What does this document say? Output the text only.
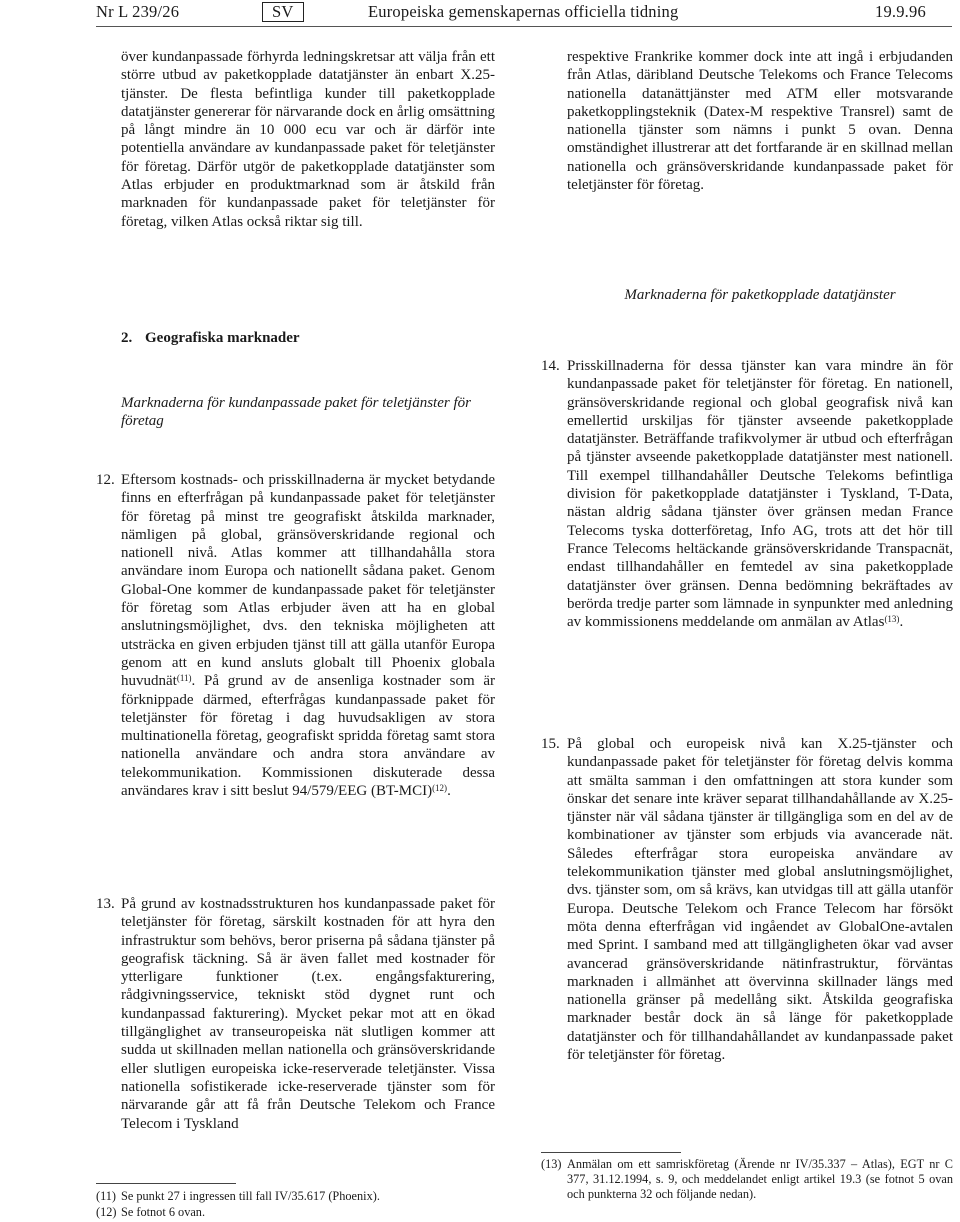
Nr L 239/26	SV	Europeiska gemenskapernas officiella tidning	19.9.96
över kundanpassade förhyrda ledningskretsar att välja från ett större utbud av paketkopplade datatjänster än enbart X.25-tjänster. De flesta befintliga kunder till paketkopplade datatjänster genererar för närvarande dock en årlig omsättning på långt mindre än 10 000 ecu var och är därför inte potentiella användare av kundanpassade paket för teletjänster för företag. Därför utgör de paketkopplade datatjänster som Atlas erbjuder en produktmarknad som är åtskild från marknaden för kundanpassade paket för teletjänster för företag, vilken Atlas också riktar sig till.
2. Geografiska marknader
Marknaderna för kundanpassade paket för teletjänster för företag
12. Eftersom kostnads- och prisskillnaderna är mycket betydande finns en efterfrågan på kundanpassade paket för teletjänster för företag på minst tre geografiskt åtskilda marknader, nämligen på global, gränsöverskridande regional och nationell nivå. Atlas kommer att tillhandahålla stora användare inom Europa och nationellt sådana paket. Genom Global-One kommer de kundanpassade paket för teletjänster för företag som Atlas erbjuder även att ha en global anslutningsmöjlighet, dvs. den tekniska möjligheten att utsträcka en given erbjuden tjänst till att gälla utanför Europa genom att en kund ansluts globalt till Phoenix globala huvudnät$^{(11)}$. På grund av de ansenliga kostnader som är förknippade därmed, efterfrågas kundanpassade paket för teletjänster för företag i dag huvudsakligen av stora multinationella företag, geografiskt spridda företag samt stora nationella användare och andra stora användare av telekommunikation. Kommissionen diskuterade dessa användares krav i sitt beslut 94/579/EEG $(BT-MCI)^{(12)}$.
13. På grund av kostnadsstrukturen hos kundanpassade paket för teletjänster för företag, särskilt kostnaden för att hyra den infrastruktur som behövs, beror priserna på sådana tjänster på geografisk täckning. Så är även fallet med kostnader för ytterligare funktioner (t.ex. engångsfakturering, rådgivningsservice, tekniskt stöd dygnet runt och kundanpassad fakturering). Mycket pekar mot att en ökad tillgänglighet av transeuropeiska nät slutligen kommer att sudda ut skillnaden mellan nationella och gränsöverskridande eller slutligen europeiska icke-reserverade teletjänster. Vissa nationella sofistikerade icke-reserverade tjänster som för närvarande går att få från Deutsche Telekom och France Telecom i Tyskland
(11) Se punkt 27 i ingressen till fall IV/35.617 (Phoenix).
(12) Se fotnot 6 ovan.
respektive Frankrike kommer dock inte att ingå i erbjudanden från Atlas, däribland Deutsche Telekoms och France Telecoms nationella datanättjänster med ATM eller motsvarande paketkopplingsteknik (Datex-M respektive Transrel) samt de nationella tjänster som nämns i punkt 5 ovan. Denna omständighet illustrerar att det fortfarande är en skillnad mellan nationella och gränsöverskridande kundanpassade paket för teletjänster för företag.
Marknaderna för paketkopplade datatjänster
14. Prisskillnaderna för dessa tjänster kan vara mindre än för kundanpassade paket för teletjänster för företag. En nationell, gränsöverskridande regional och global geografisk nivå kan emellertid urskiljas för tjänster avseende paketkopplade datatjänster. Beträffande trafikvolymer är utbud och efterfrågan på tjänster avseende paketkopplade datatjänster mest nationell. Till exempel tillhandahåller Deutsche Telekoms befintliga division för paketkopplade datatjänster i Tyskland, T-Data, nästan aldrig sådana tjänster över gränsen medan France Telecoms tyska dotterföretag, Info AG, trots att det hör till France Telecoms heltäckande gränsöverskridande Transpacnät, endast tillhandahåller en femtedel av sina paketkopplade datatjänster över gränsen. Denna bedömning bekräftades av berörda tredje parter som lämnade in synpunkter med anledning av kommissionens meddelande om anmälan av Atlas$^{(13)}$.
15. På global och europeisk nivå kan X.25-tjänster och kundanpassade paket för teletjänster för företag delvis komma att smälta samman i den omfattningen att stora kunder som önskar det senare inte kräver separat tillhandahållande av X.25-tjänster när väl sådana tjänster är tillgängliga som en del av de kombinationer av tjänster som erbjuds via avancerade nät. Således efterfrågar stora europeiska användare av telekommunikation tjänster med global anslutningsmöjlighet, dvs. tjänster som, om så krävs, kan utvidgas till att gälla utanför Europa. Deutsche Telekom och France Telecom har försökt möta denna efterfrågan vid ingåendet av GlobalOne-avtalen med Sprint. I samband med att tillgängligheten ökar vad avser avancerad gränsöverskridande nätinfrastruktur, förväntas marknaden i allmänhet att övervinna skillnader längs med nationella gränser på medellång sikt. Åtskilda geografiska marknader består dock än så länge för paketkopplade datatjänster och för tillhandahållandet av kundanpassade paket för teletjänster för företag.
(13) Anmälan om ett samriskföretag (Ärende nr IV/35.337 – Atlas), EGT nr C 377, 31.12.1994, s. 9, och meddelandet enligt artikel 19.3 (se fotnot 5 ovan och punkterna 32 och följande nedan).
